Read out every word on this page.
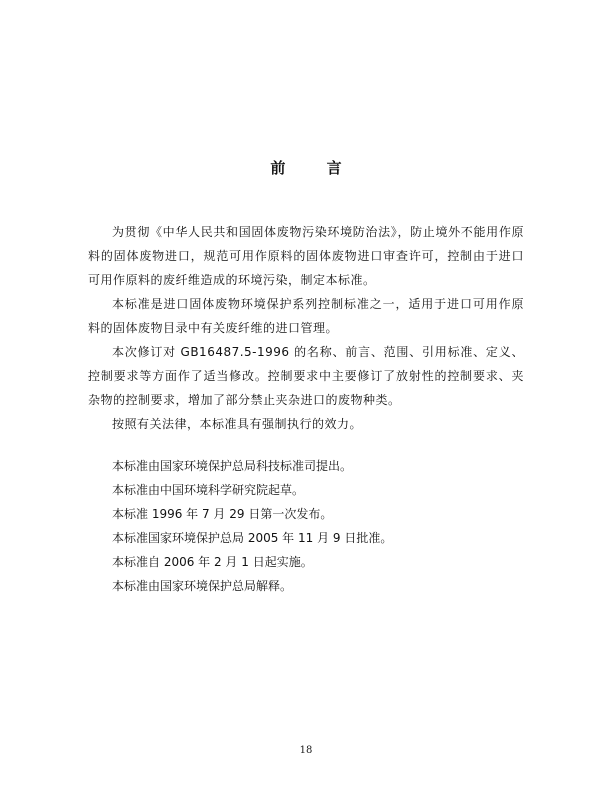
前 言

为贯彻《中华人民共和国固体废物污染环境防治法》，防止境外不能用作原料的固体废物进口，规范可用作原料的固体废物进口审查许可，控制由于进口可用作原料的废纤维造成的环境污染，制定本标准。

本标准是进口固体废物环境保护系列控制标准之一，适用于进口可用作原料的固体废物目录中有关废纤维的进口管理。

本次修订对 GB16487.5-1996 的名称、前言、范围、引用标准、定义、控制要求等方面作了适当修改。控制要求中主要修订了放射性的控制要求、夹杂物的控制要求，增加了部分禁止夹杂进口的废物种类。

按照有关法律，本标准具有强制执行的效力。

本标准由国家环境保护总局科技标准司提出。
本标准由中国环境科学研究院起草。
本标准 1996 年 7 月 29 日第一次发布。
本标准国家环境保护总局 2005 年 11 月 9 日批准。
本标准自 2006 年 2 月 1 日起实施。
本标准由国家环境保护总局解释。
18
